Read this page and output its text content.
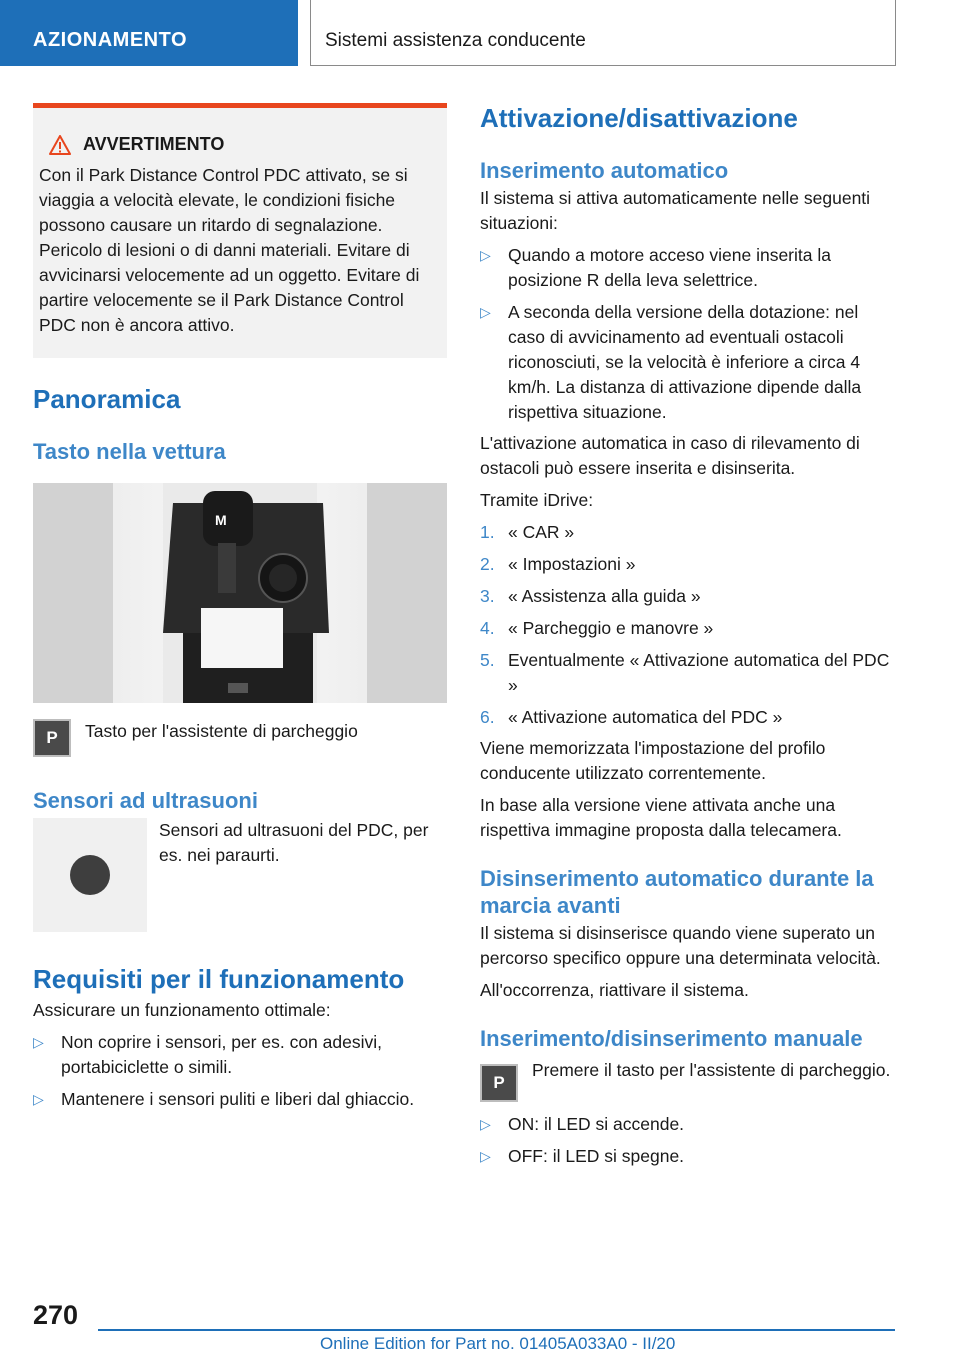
AZIONAMENTO	Sistemi assistenza conducente
AVVERTIMENTO
Con il Park Distance Control PDC attivato, se si viaggia a velocità elevate, le condizioni fisiche possono causare un ritardo di segnalazione. Pericolo di lesioni o di danni materiali. Evitare di avvicinarsi velocemente ad un oggetto. Evitare di partire velocemente se il Park Distance Control PDC non è ancora attivo.
Panoramica
Tasto nella vettura
M
P	Tasto per l'assistente di parcheggio

Sensori ad ultrasuoni

Sensori ad ultrasuoni del PDC, per es. nei paraurti.

Requisiti per il funzionamento

Assicurare un funzionamento ottimale:

▷ Non coprire i sensori, per es. con adesivi, portabiciclette o simili.
▷ Mantenere i sensori puliti e liberi dal ghiaccio.
Attivazione/disattivazione
Inserimento automatico

Il sistema si attiva automaticamente nelle seguenti situazioni:

▷ Quando a motore acceso viene inserita la posizione R della leva selettrice.
▷ A seconda della versione della dotazione: nel caso di avvicinamento ad eventuali ostacoli riconosciuti, se la velocità è inferiore a circa 4 km/h. La distanza di attivazione dipende dalla rispettiva situazione.

L'attivazione automatica in caso di rilevamento di ostacoli può essere inserita e disinserita.

Tramite iDrive:

1. « CAR »
2. « Impostazioni »
3. « Assistenza alla guida »
4. « Parcheggio e manovre »
5. Eventualmente « Attivazione automatica del PDC »
6. « Attivazione automatica del PDC »

Viene memorizzata l'impostazione del profilo conducente utilizzato correntemente.

In base alla versione viene attivata anche una rispettiva immagine proposta dalla telecamera.

Disinserimento automatico durante la marcia avanti

Il sistema si disinserisce quando viene superato un percorso specifico oppure una determinata velocità.

All'occorrenza, riattivare il sistema.

Inserimento/disinserimento manuale
P

Premere il tasto per l'assistente di parcheggio.

▷ ON: il LED si accende.
▷ OFF: il LED si spegne.
270
Online Edition for Part no. 01405A033A0 - II/20
